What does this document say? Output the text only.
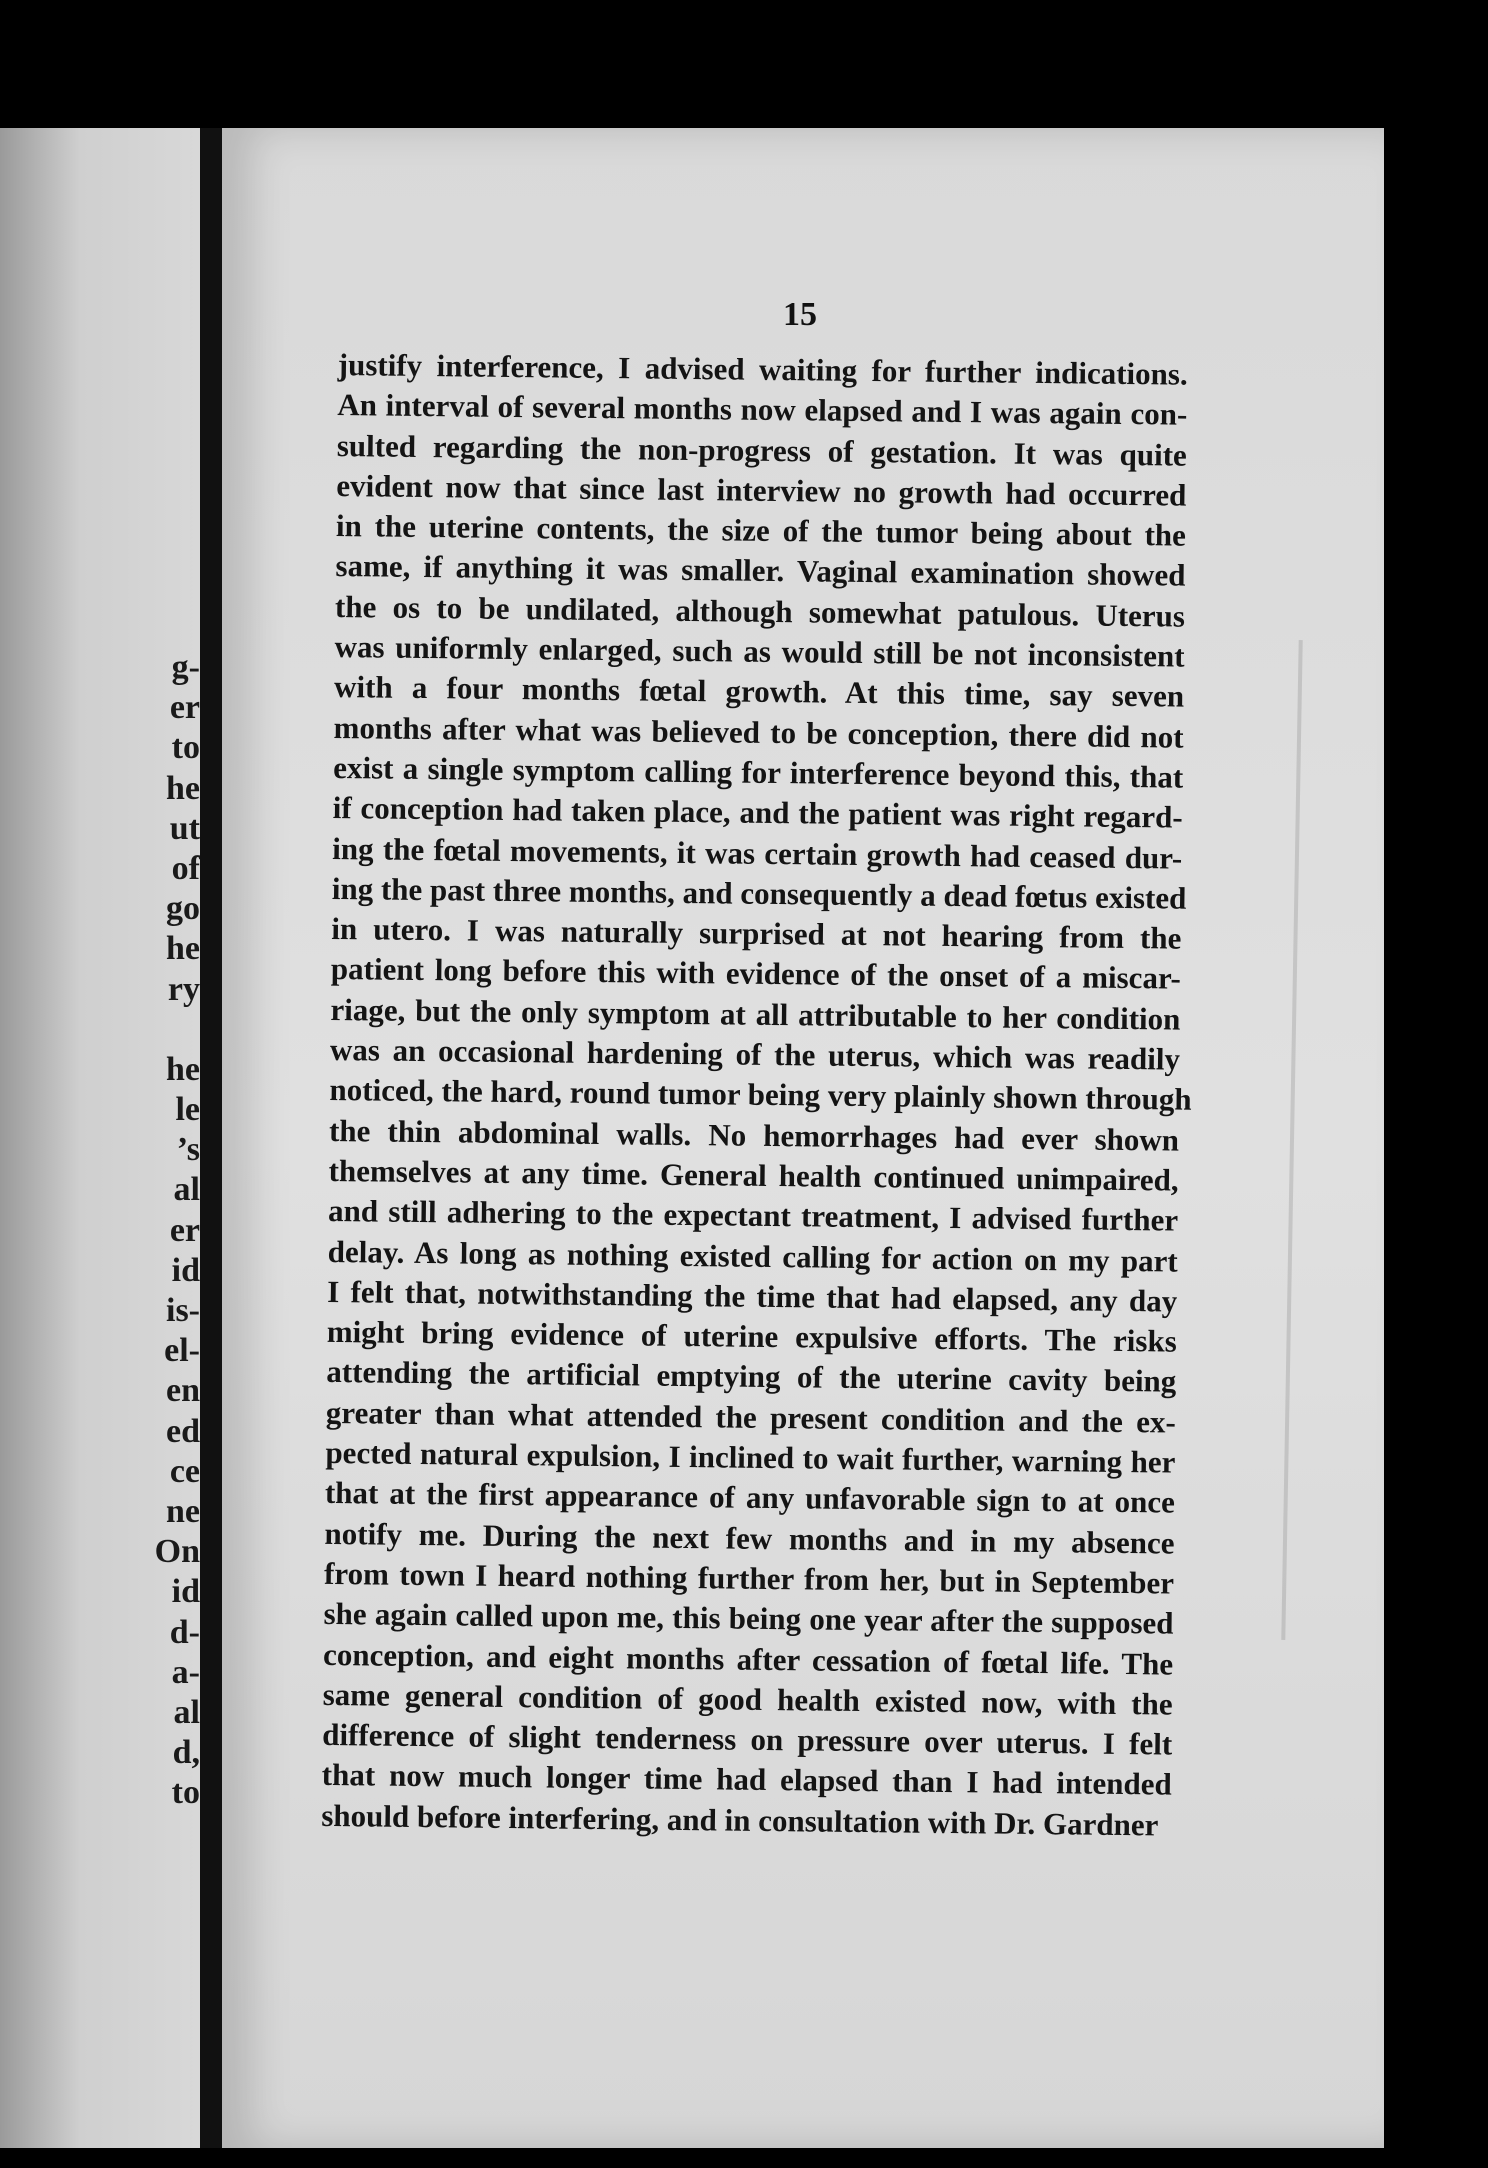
g-
er
to
he
ut
of
go
he
ry
he
le
’s
al
er
id
is-
el-
en
ed
ce
ne
On
id
d-
a-
al
d,
to
15
justify interference, I advised waiting for further indications.
An interval of several months now elapsed and I was again con-
sulted regarding the non-progress of gestation. It was quite
evident now that since last interview no growth had occurred
in the uterine contents, the size of the tumor being about the
same, if anything it was smaller. Vaginal examination showed
the os to be undilated, although somewhat patulous. Uterus
was uniformly enlarged, such as would still be not inconsistent
with a four months fœtal growth. At this time, say seven
months after what was believed to be conception, there did not
exist a single symptom calling for interference beyond this, that
if conception had taken place, and the patient was right regard-
ing the fœtal movements, it was certain growth had ceased dur-
ing the past three months, and consequently a dead fœtus existed
in utero. I was naturally surprised at not hearing from the
patient long before this with evidence of the onset of a miscar-
riage, but the only symptom at all attributable to her condition
was an occasional hardening of the uterus, which was readily
noticed, the hard, round tumor being very plainly shown through
the thin abdominal walls. No hemorrhages had ever shown
themselves at any time. General health continued unimpaired,
and still adhering to the expectant treatment, I advised further
delay. As long as nothing existed calling for action on my part
I felt that, notwithstanding the time that had elapsed, any day
might bring evidence of uterine expulsive efforts. The risks
attending the artificial emptying of the uterine cavity being
greater than what attended the present condition and the ex-
pected natural expulsion, I inclined to wait further, warning her
that at the first appearance of any unfavorable sign to at once
notify me. During the next few months and in my absence
from town I heard nothing further from her, but in September
she again called upon me, this being one year after the supposed
conception, and eight months after cessation of fœtal life. The
same general condition of good health existed now, with the
difference of slight tenderness on pressure over uterus. I felt
that now much longer time had elapsed than I had intended
should before interfering, and in consultation with Dr. Gardner
